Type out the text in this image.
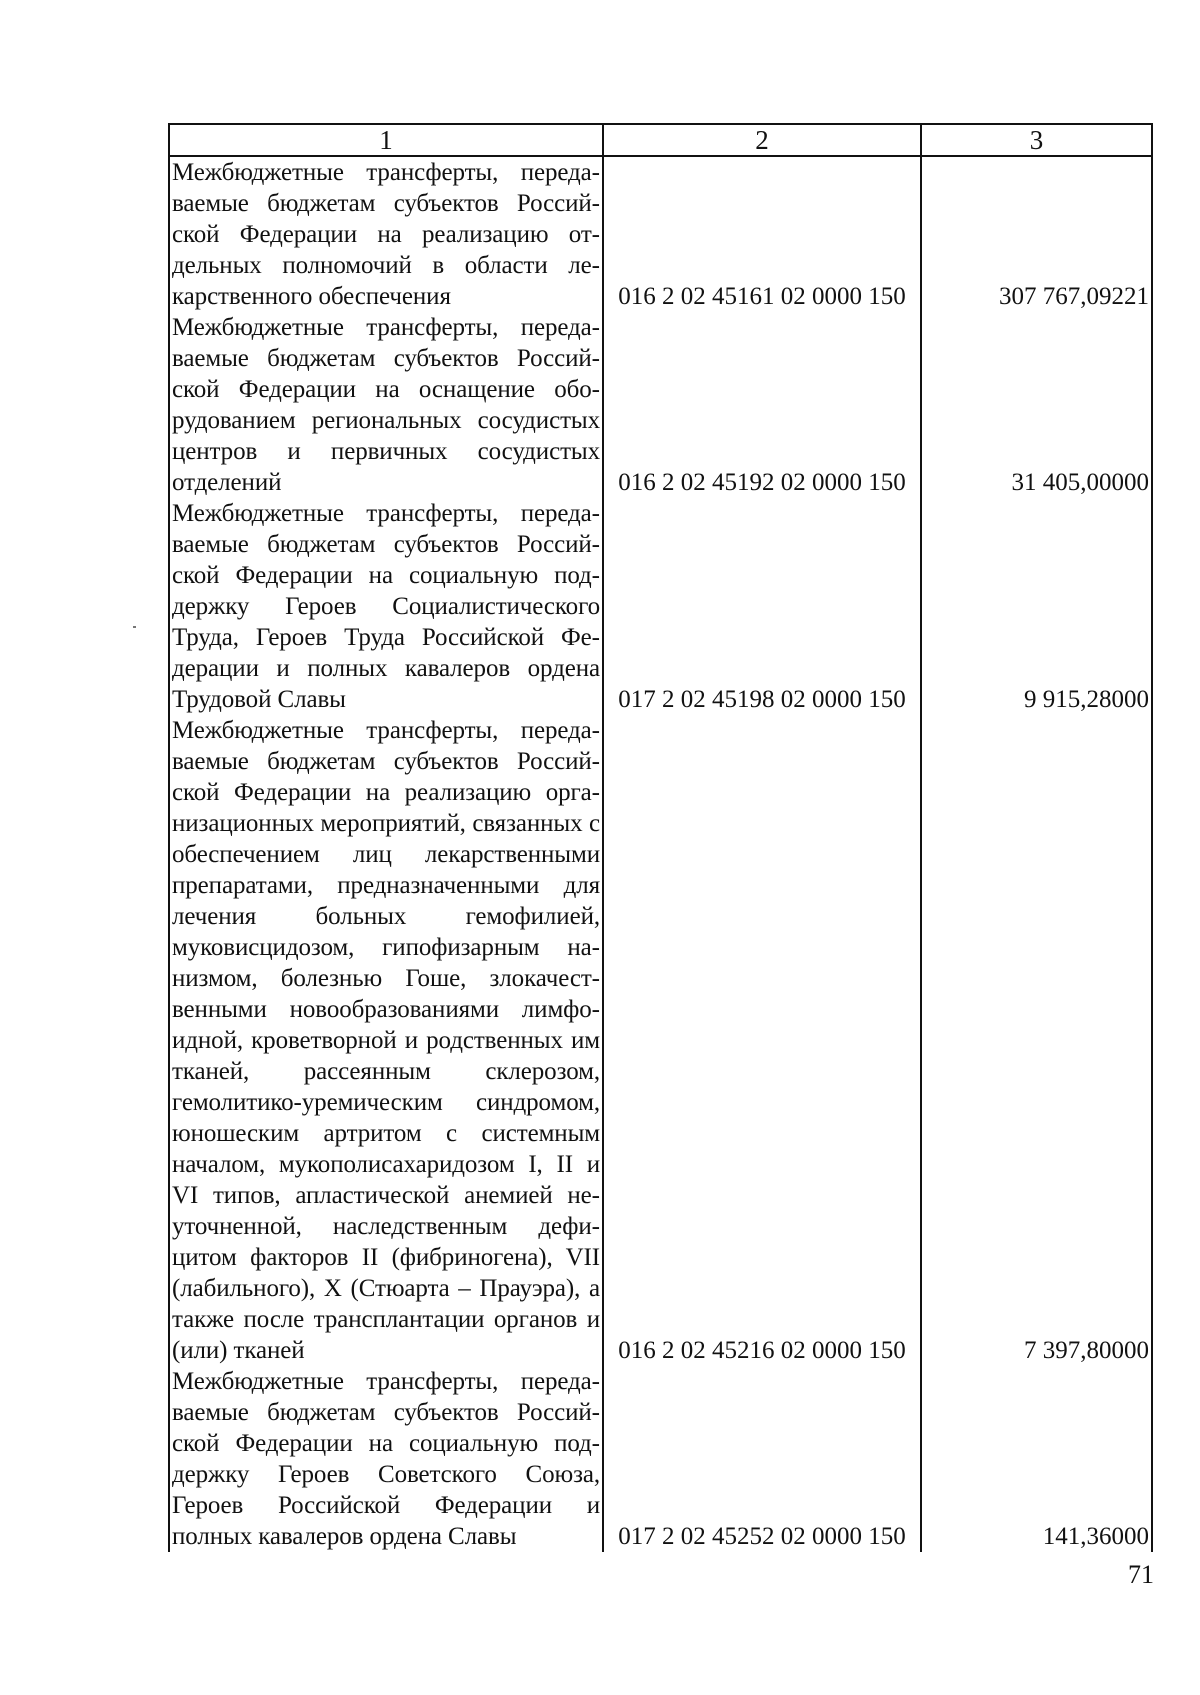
1	2	3
Межбюджетные трансферты, передаваемые бюджетам субъектов Российской Федерации на реализацию отдельных полномочий в области лекарственного обеспечения	016 2 02 45161 02 0000 150	307 767,09221
Межбюджетные трансферты, передаваемые бюджетам субъектов Российской Федерации на оснащение оборудованием региональных сосудистых центров и первичных сосудистых отделений	016 2 02 45192 02 0000 150	31 405,00000
Межбюджетные трансферты, передаваемые бюджетам субъектов Российской Федерации на социальную поддержку Героев Социалистического Труда, Героев Труда Российской Федерации и полных кавалеров ордена Трудовой Славы	017 2 02 45198 02 0000 150	9 915,28000
Межбюджетные трансферты, передаваемые бюджетам субъектов Российской Федерации на реализацию организационных мероприятий, связанных с обеспечением лиц лекарственными препаратами, предназначенными для лечения больных гемофилией, муковисцидозом, гипофизарным нанизмом, болезнью Гоше, злокачественными новообразованиями лимфоидной, кроветворной и родственных им тканей, рассеянным склерозом, гемолитико-уремическим синдромом, юношеским артритом с системным началом, мукополисахаридозом I, II и VI типов, апластической анемией неуточненной, наследственным дефицитом факторов II (фибриногена), VII (лабильного), X (Стюарта – Прауэра), а также после трансплантации органов и (или) тканей	016 2 02 45216 02 0000 150	7 397,80000
Межбюджетные трансферты, передаваемые бюджетам субъектов Российской Федерации на социальную поддержку Героев Советского Союза, Героев Российской Федерации и полных кавалеров ордена Славы	017 2 02 45252 02 0000 150	141,36000
71
